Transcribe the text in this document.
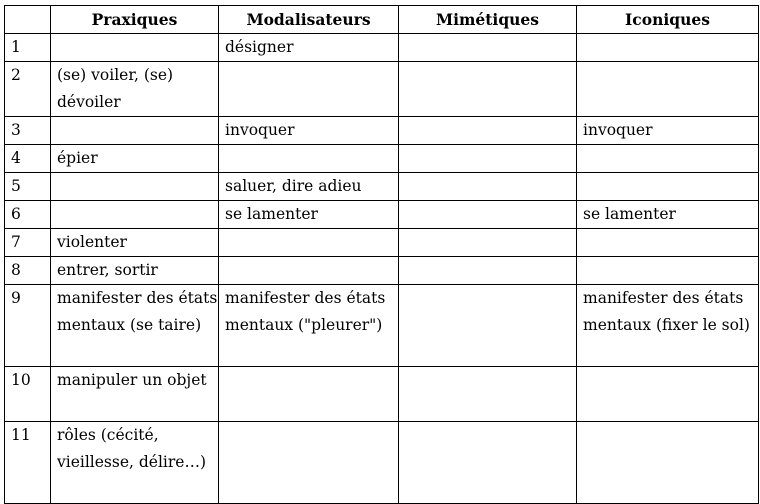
	Praxiques	Modalisateurs	Mimétiques	Iconiques
1		désigner		
2	(se) voiler, (se) dévoiler			
3		invoquer		invoquer
4	épier			
5		saluer, dire adieu		
6		se lamenter		se lamenter
7	violenter			
8	entrer, sortir			
9	manifester des états mentaux (se taire)	manifester des états mentaux ("pleurer")		manifester des états mentaux (fixer le sol)
10	manipuler un objet			
11	rôles (cécité, vieillesse, délire…)			
